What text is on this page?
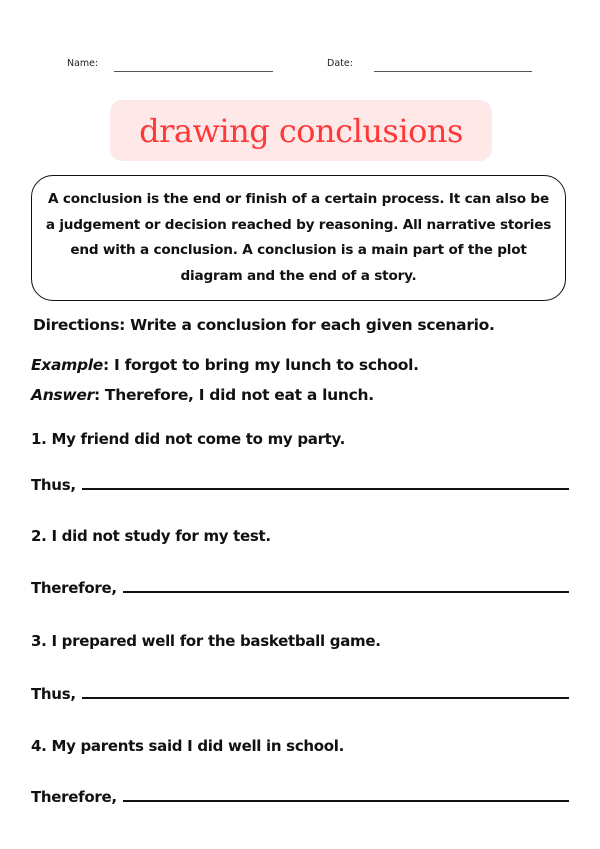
Name:	Date:
drawing conclusions
A conclusion is the end or finish of a certain process. It can also be a judgement or decision reached by reasoning. All narrative stories end with a conclusion. A conclusion is a main part of the plot diagram and the end of a story.
Directions: Write a conclusion for each given scenario.
Example: I forgot to bring my lunch to school.
Answer: Therefore, I did not eat a lunch.
1. My friend did not come to my party.
Thus,
2. I did not study for my test.
Therefore,
3. I prepared well for the basketball game.
Thus,
4. My parents said I did well in school.
Therefore,
